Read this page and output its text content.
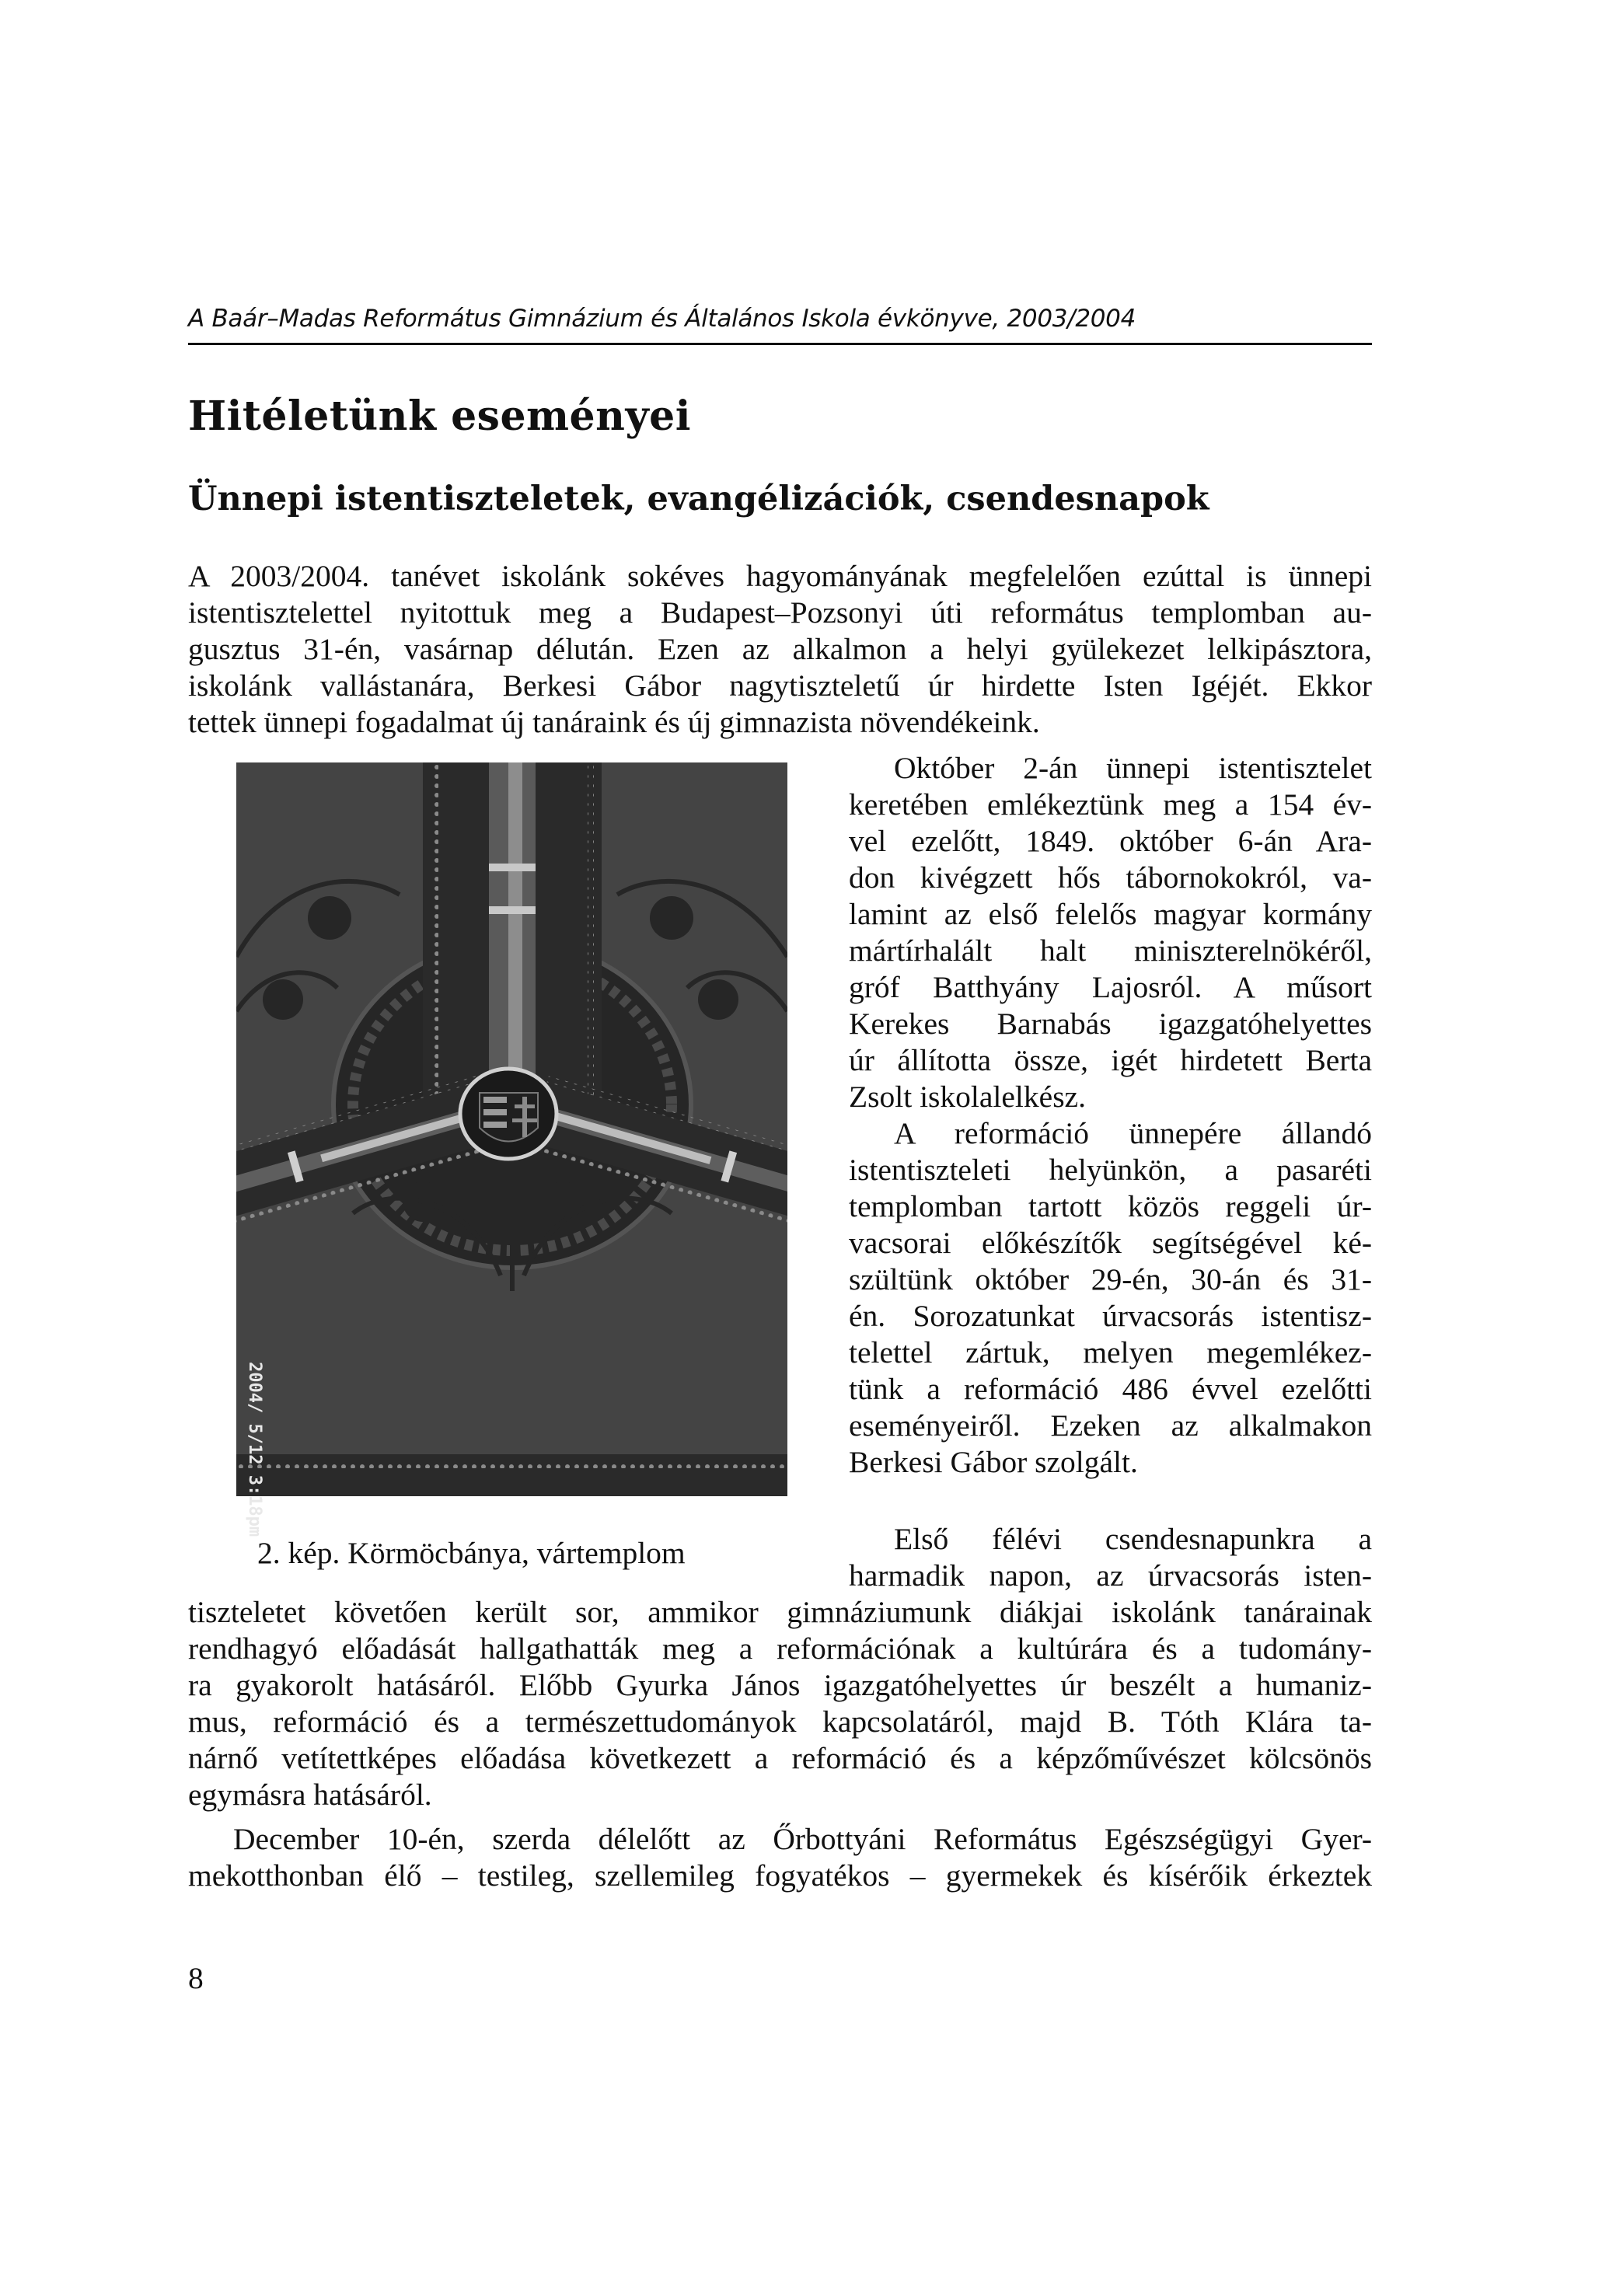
A Baár–Madas Református Gimnázium és Általános Iskola évkönyve, 2003/2004
Hitéletünk eseményei
Ünnepi istentiszteletek, evangélizációk, csendesnapok
A 2003/2004. tanévet iskolánk sokéves hagyományának megfelelően ezúttal is ünnepi
istentisztelettel nyitottuk meg a Budapest–Pozsonyi úti református templomban au-
gusztus 31-én, vasárnap délután. Ezen az alkalmon a helyi gyülekezet lelkipásztora,
iskolánk vallástanára, Berkesi Gábor nagytiszteletű úr hirdette Isten Igéjét. Ekkor
tettek ünnepi fogadalmat új tanáraink és új gimnazista növendékeink.
2004/ 5/12 3:18pm
Október 2-án ünnepi istentisztelet
keretében emlékeztünk meg a 154 év-
vel ezelőtt, 1849. október 6-án Ara-
don kivégzett hős tábornokokról, va-
lamint az első felelős magyar kormány
mártírhalált halt miniszterelnökéről,
gróf Batthyány Lajosról. A műsort
Kerekes Barnabás igazgatóhelyettes
úr állította össze, igét hirdetett Berta
Zsolt iskolalelkész.
A reformáció ünnepére állandó
istentiszteleti helyünkön, a pasaréti
templomban tartott közös reggeli úr-
vacsorai előkészítők segítségével ké-
szültünk október 29-én, 30-án és 31-
én. Sorozatunkat úrvacsorás istentisz-
telettel zártuk, melyen megemlékez-
tünk a reformáció 486 évvel ezelőtti
eseményeiről. Ezeken az alkalmakon
Berkesi Gábor szolgált.
2. kép. Körmöcbánya, vártemplom	Első félévi csendesnapunkra a
harmadik napon, az úrvacsorás isten-
tiszteletet követően került sor, ammikor gimnáziumunk diákjai iskolánk tanárainak
rendhagyó előadását hallgathatták meg a reformációnak a kultúrára és a tudomány-
ra gyakorolt hatásáról. Előbb Gyurka János igazgatóhelyettes úr beszélt a humaniz-
mus, reformáció és a természettudományok kapcsolatáról, majd B. Tóth Klára ta-
nárnő vetítettképes előadása következett a reformáció és a képzőművészet kölcsönös
egymásra hatásáról.
December 10-én, szerda délelőtt az Őrbottyáni Református Egészségügyi Gyer-
mekotthonban élő – testileg, szellemileg fogyatékos – gyermekek és kísérőik érkeztek
8
